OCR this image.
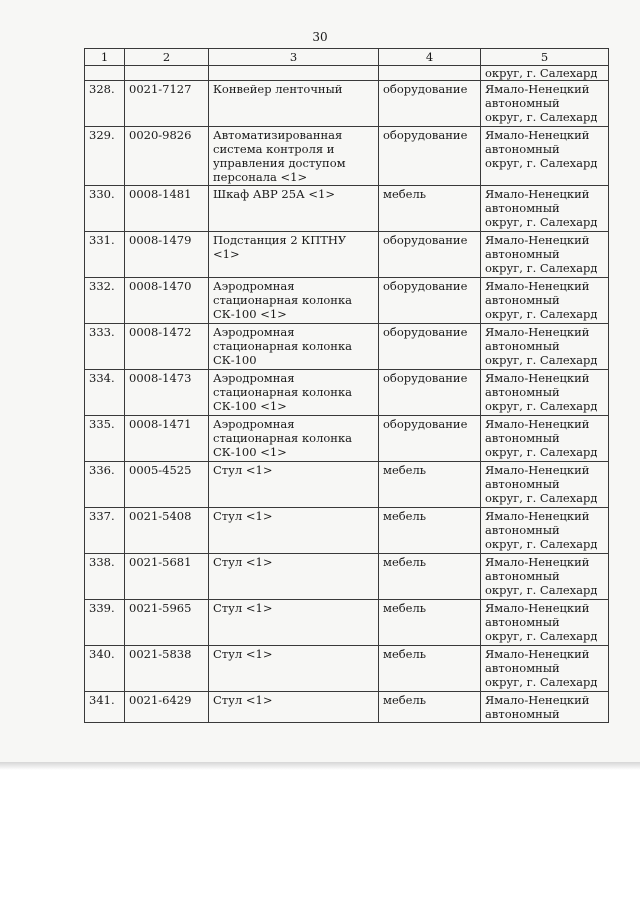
30
1	2	3	4	5
				округ, г. Салехард
328.	0021-7127	Конвейер ленточный	оборудование	Ямало-Ненецкий
автономный
округ, г. Салехард

329.	0020-9826	Автоматизированная система контроля и управления доступом персонала <1>	оборудование	Ямало-Ненецкий
автономный
округ, г. Салехард

330.	0008-1481	Шкаф АВР 25А <1>	мебель	Ямало-Ненецкий
автономный
округ, г. Салехард

331.	0008-1479	Подстанция 2 КПТНУ <1>	оборудование	Ямало-Ненецкий
автономный
округ, г. Салехард

332.	0008-1470	Аэродромная стационарная колонка СК-100 <1>	оборудование	Ямало-Ненецкий
автономный
округ, г. Салехард

333.	0008-1472	Аэродромная стационарная колонка СК-100	оборудование	Ямало-Ненецкий
автономный
округ, г. Салехард

334.	0008-1473	Аэродромная стационарная колонка СК-100 <1>	оборудование	Ямало-Ненецкий
автономный
округ, г. Салехард

335.	0008-1471	Аэродромная стационарная колонка СК-100 <1>	оборудование	Ямало-Ненецкий
автономный
округ, г. Салехард

336.	0005-4525	Стул <1>	мебель	Ямало-Ненецкий
автономный
округ, г. Салехард

337.	0021-5408	Стул <1>	мебель	Ямало-Ненецкий
автономный
округ, г. Салехард

338.	0021-5681	Стул <1>	мебель	Ямало-Ненецкий
автономный
округ, г. Салехард

339.	0021-5965	Стул <1>	мебель	Ямало-Ненецкий
автономный
округ, г. Салехард

340.	0021-5838	Стул <1>	мебель	Ямало-Ненецкий
автономный
округ, г. Салехард

341.	0021-6429	Стул <1>	мебель	Ямало-Ненецкий
автономный
